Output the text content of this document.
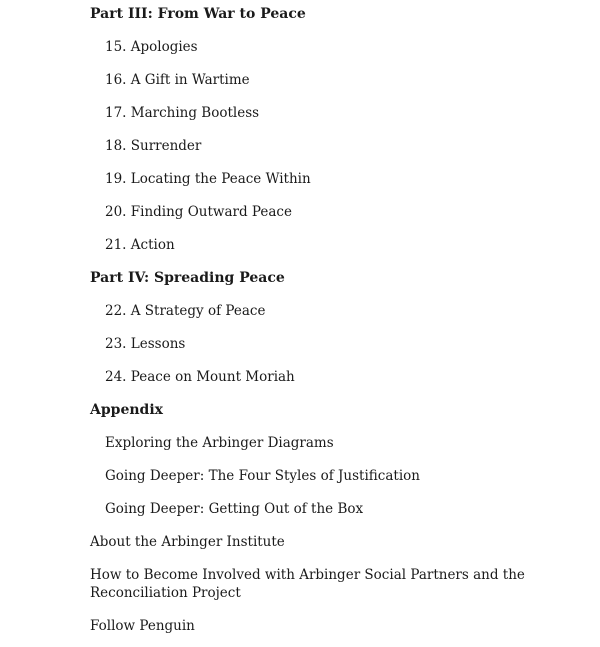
Part III: From War to Peace
15. Apologies
16. A Gift in Wartime
17. Marching Bootless
18. Surrender
19. Locating the Peace Within
20. Finding Outward Peace
21. Action
Part IV: Spreading Peace
22. A Strategy of Peace
23. Lessons
24. Peace on Mount Moriah
Appendix
Exploring the Arbinger Diagrams
Going Deeper: The Four Styles of Justification
Going Deeper: Getting Out of the Box
About the Arbinger Institute
How to Become Involved with Arbinger Social Partners and the Reconciliation Project
Follow Penguin
